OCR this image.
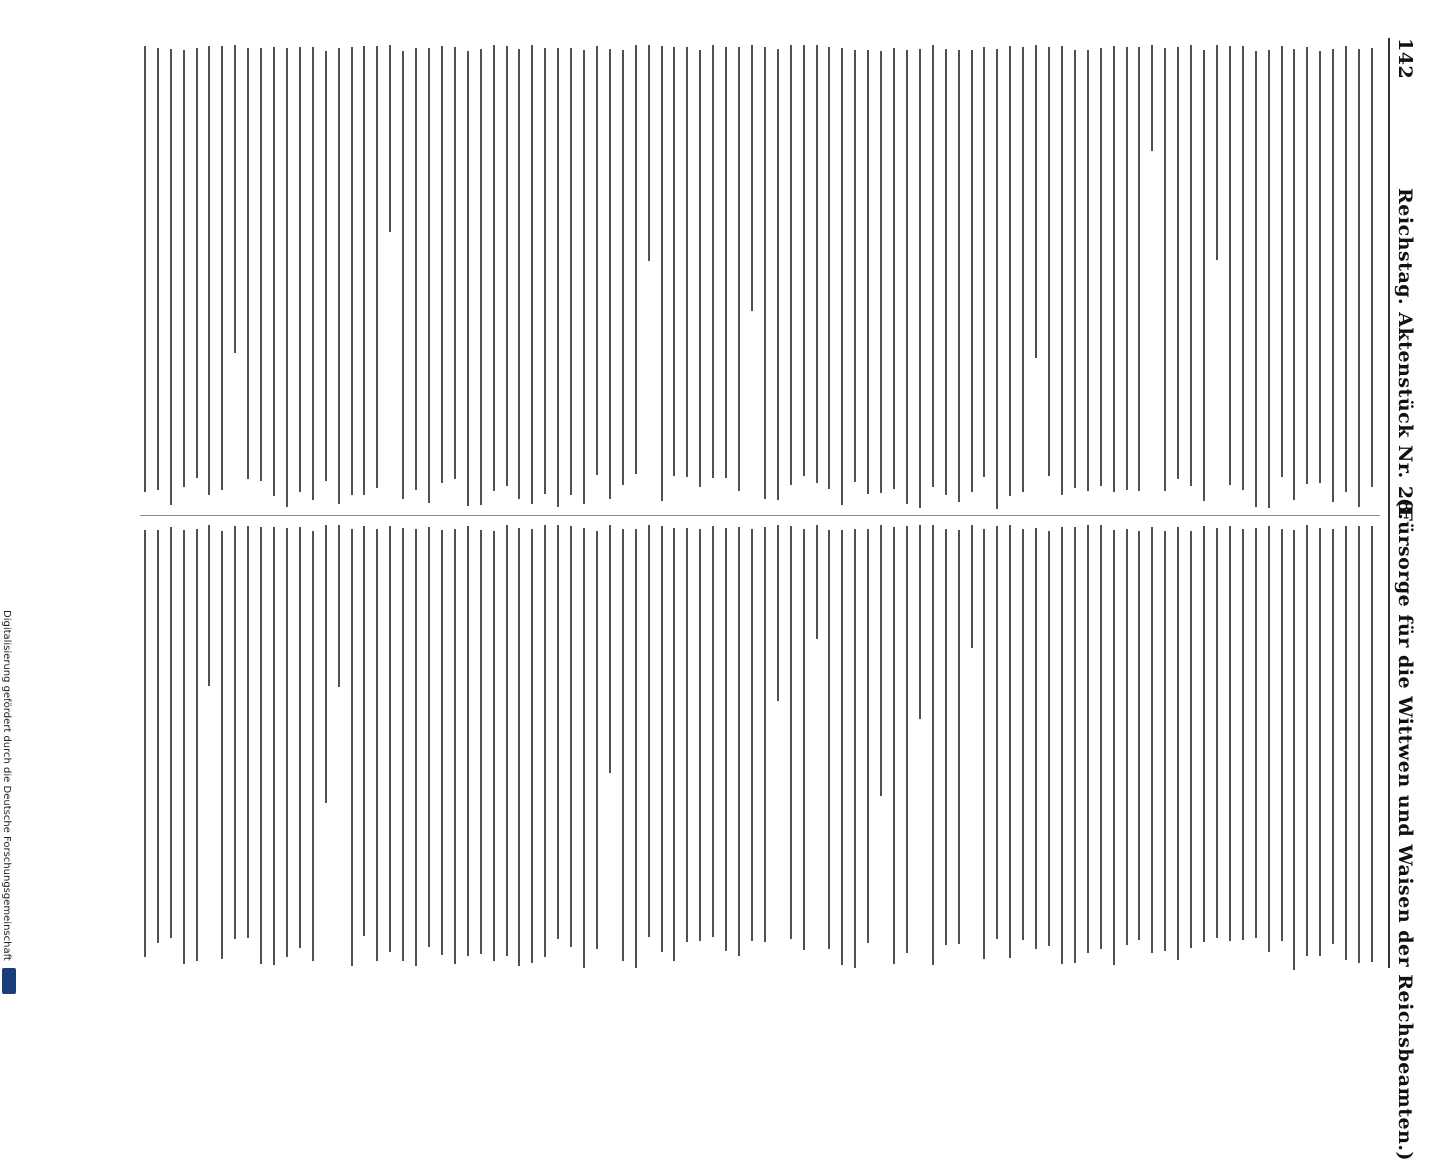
142
Reichstag. Aktenstück Nr. 28.
(Fürsorge für die Wittwen und Waisen der Reichsbeamten.)
Digitalisierung gefördert durch die Deutsche Forschungsgemeinschaft
